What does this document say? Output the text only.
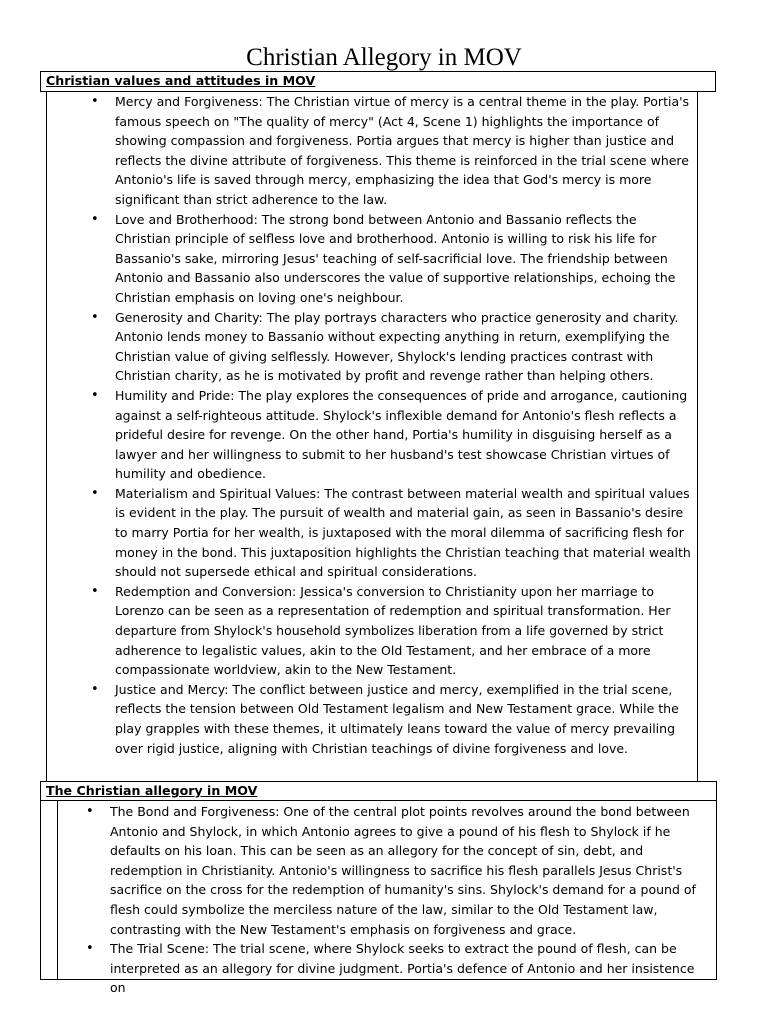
Christian Allegory in MOV
Christian values and attitudes in MOV
• Mercy and Forgiveness: The Christian virtue of mercy is a central theme in the play. Portia's famous speech on "The quality of mercy" (Act 4, Scene 1) highlights the importance of showing compassion and forgiveness. Portia argues that mercy is higher than justice and reflects the divine attribute of forgiveness. This theme is reinforced in the trial scene where Antonio's life is saved through mercy, emphasizing the idea that God's mercy is more significant than strict adherence to the law.
• Love and Brotherhood: The strong bond between Antonio and Bassanio reflects the Christian principle of selfless love and brotherhood. Antonio is willing to risk his life for Bassanio's sake, mirroring Jesus' teaching of self-sacrificial love. The friendship between Antonio and Bassanio also underscores the value of supportive relationships, echoing the Christian emphasis on loving one's neighbour.
• Generosity and Charity: The play portrays characters who practice generosity and charity. Antonio lends money to Bassanio without expecting anything in return, exemplifying the Christian value of giving selflessly. However, Shylock's lending practices contrast with Christian charity, as he is motivated by profit and revenge rather than helping others.
• Humility and Pride: The play explores the consequences of pride and arrogance, cautioning against a self-righteous attitude. Shylock's inflexible demand for Antonio's flesh reflects a prideful desire for revenge. On the other hand, Portia's humility in disguising herself as a lawyer and her willingness to submit to her husband's test showcase Christian virtues of humility and obedience.
• Materialism and Spiritual Values: The contrast between material wealth and spiritual values is evident in the play. The pursuit of wealth and material gain, as seen in Bassanio's desire to marry Portia for her wealth, is juxtaposed with the moral dilemma of sacrificing flesh for money in the bond. This juxtaposition highlights the Christian teaching that material wealth should not supersede ethical and spiritual considerations.
• Redemption and Conversion: Jessica's conversion to Christianity upon her marriage to Lorenzo can be seen as a representation of redemption and spiritual transformation. Her departure from Shylock's household symbolizes liberation from a life governed by strict adherence to legalistic values, akin to the Old Testament, and her embrace of a more compassionate worldview, akin to the New Testament.
• Justice and Mercy: The conflict between justice and mercy, exemplified in the trial scene, reflects the tension between Old Testament legalism and New Testament grace. While the play grapples with these themes, it ultimately leans toward the value of mercy prevailing over rigid justice, aligning with Christian teachings of divine forgiveness and love.
The Christian allegory in MOV
• The Bond and Forgiveness: One of the central plot points revolves around the bond between Antonio and Shylock, in which Antonio agrees to give a pound of his flesh to Shylock if he defaults on his loan. This can be seen as an allegory for the concept of sin, debt, and redemption in Christianity. Antonio's willingness to sacrifice his flesh parallels Jesus Christ's sacrifice on the cross for the redemption of humanity's sins. Shylock's demand for a pound of flesh could symbolize the merciless nature of the law, similar to the Old Testament law, contrasting with the New Testament's emphasis on forgiveness and grace.
• The Trial Scene: The trial scene, where Shylock seeks to extract the pound of flesh, can be interpreted as an allegory for divine judgment. Portia's defence of Antonio and her insistence on
